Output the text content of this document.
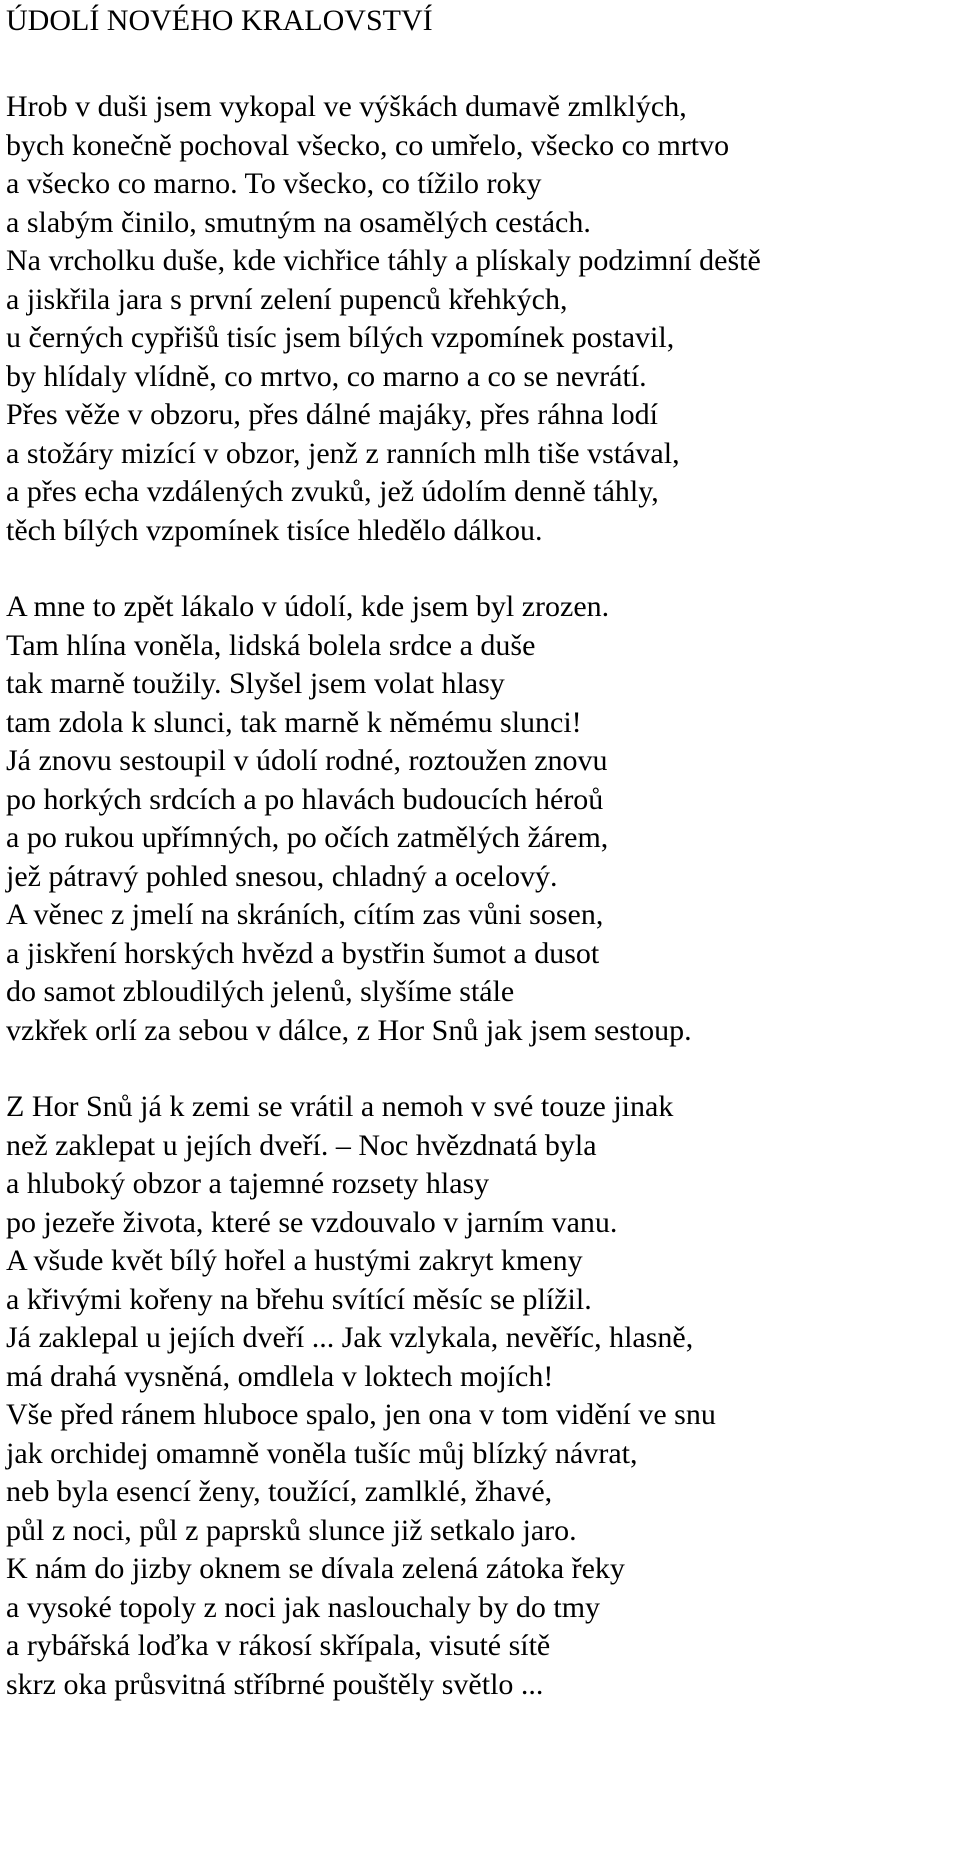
ÚDOLÍ NOVÉHO KRALOVSTVÍ
Hrob v duši jsem vykopal ve výškách dumavě zmlklých,
bych konečně pochoval všecko, co umřelo, všecko co mrtvo
a všecko co marno. To všecko, co tížilo roky
a slabým činilo, smutným na osamělých cestách.
Na vrcholku duše, kde vichřice táhly a plískaly podzimní deště
a jiskřila jara s první zelení pupenců křehkých,
u černých cypřišů tisíc jsem bílých vzpomínek postavil,
by hlídaly vlídně, co mrtvo, co marno a co se nevrátí.
Přes věže v obzoru, přes dálné majáky, přes ráhna lodí
a stožáry mizící v obzor, jenž z ranních mlh tiše vstával,
a přes echa vzdálených zvuků, jež údolím denně táhly,
těch bílých vzpomínek tisíce hledělo dálkou.
A mne to zpět lákalo v údolí, kde jsem byl zrozen.
Tam hlína voněla, lidská bolela srdce a duše
tak marně toužily. Slyšel jsem volat hlasy
tam zdola k slunci, tak marně k němému slunci!
Já znovu sestoupil v údolí rodné, roztoužen znovu
po horkých srdcích a po hlavách budoucích héroů
a po rukou upřímných, po očích zatmělých žárem,
jež pátravý pohled snesou, chladný a ocelový.
A věnec z jmelí na skráních, cítím zas vůni sosen,
a jiskření horských hvězd a bystřin šumot a dusot
do samot zbloudilých jelenů, slyšíme stále
vzkřek orlí za sebou v dálce, z Hor Snů jak jsem sestoup.
Z Hor Snů já k zemi se vrátil a nemoh v své touze jinak
než zaklepat u jejích dveří. – Noc hvězdnatá byla
a hluboký obzor a tajemné rozsety hlasy
po jezeře života, které se vzdouvalo v jarním vanu.
A všude květ bílý hořel a hustými zakryt kmeny
a křivými kořeny na břehu svítící měsíc se plížil.
Já zaklepal u jejích dveří ... Jak vzlykala, nevěříc, hlasně,
má drahá vysněná, omdlela v loktech mojích!
Vše před ránem hluboce spalo, jen ona v tom vidění ve snu
jak orchidej omamně voněla tušíc můj blízký návrat,
neb byla esencí ženy, toužící, zamlklé, žhavé,
půl z noci, půl z paprsků slunce již setkalo jaro.
K nám do jizby oknem se dívala zelená zátoka řeky
a vysoké topoly z noci jak naslouchaly by do tmy
a rybářská loďka v rákosí skřípala, visuté sítě
skrz oka průsvitná stříbrné pouštěly světlo ...
